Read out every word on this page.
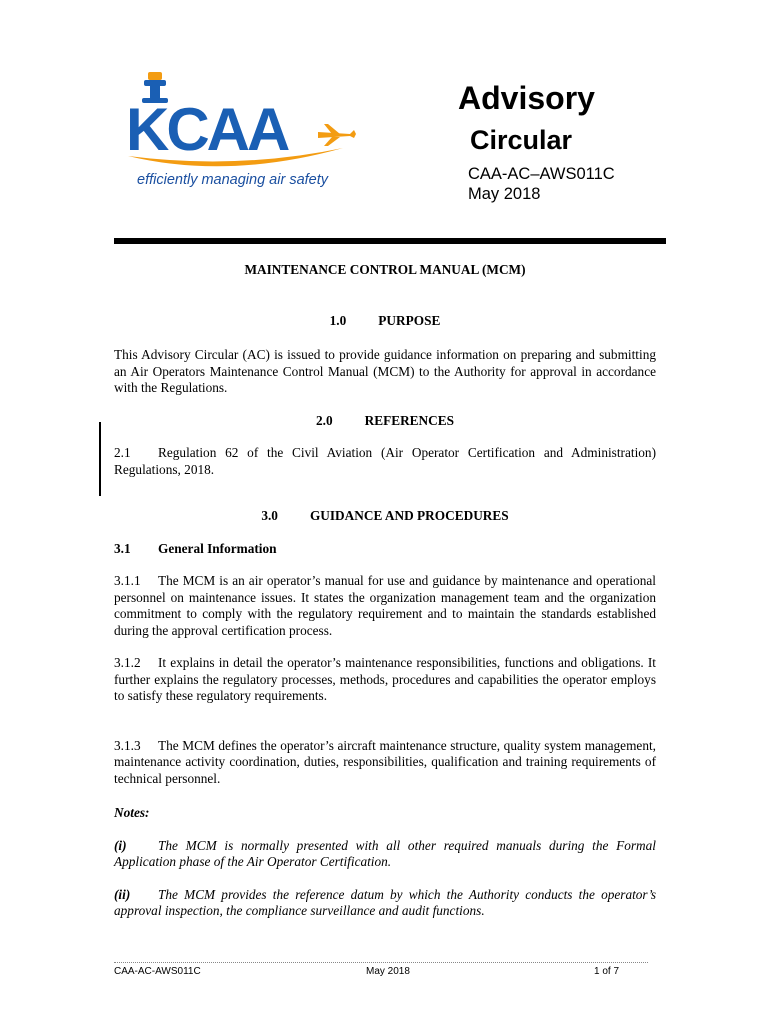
KCAA
efficiently managing air safety
Advisory
Circular
CAA-AC–AWS011C
May 2018

MAINTENANCE CONTROL MANUAL (MCM)

1.0 PURPOSE

This Advisory Circular (AC) is issued to provide guidance information on preparing and submitting an Air Operators Maintenance Control Manual (MCM) to the Authority for approval in accordance with the Regulations.

2.0 REFERENCES

2.1 Regulation 62 of the Civil Aviation (Air Operator Certification and Administration) Regulations, 2018.

3.0 GUIDANCE AND PROCEDURES

3.1 General Information

3.1.1 The MCM is an air operator’s manual for use and guidance by maintenance and operational personnel on maintenance issues. It states the organization management team and the organization commitment to comply with the regulatory requirement and to maintain the standards established during the approval certification process.

3.1.2 It explains in detail the operator’s maintenance responsibilities, functions and obligations. It further explains the regulatory processes, methods, procedures and capabilities the operator employs to satisfy these regulatory requirements.

3.1.3 The MCM defines the operator’s aircraft maintenance structure, quality system management, maintenance activity coordination, duties, responsibilities, qualification and training requirements of technical personnel.

Notes:

(i) The MCM is normally presented with all other required manuals during the Formal Application phase of the Air Operator Certification.

(ii) The MCM provides the reference datum by which the Authority conducts the operator’s approval inspection, the compliance surveillance and audit functions.

CAA-AC-AWS011C	May 2018	1 of 7
